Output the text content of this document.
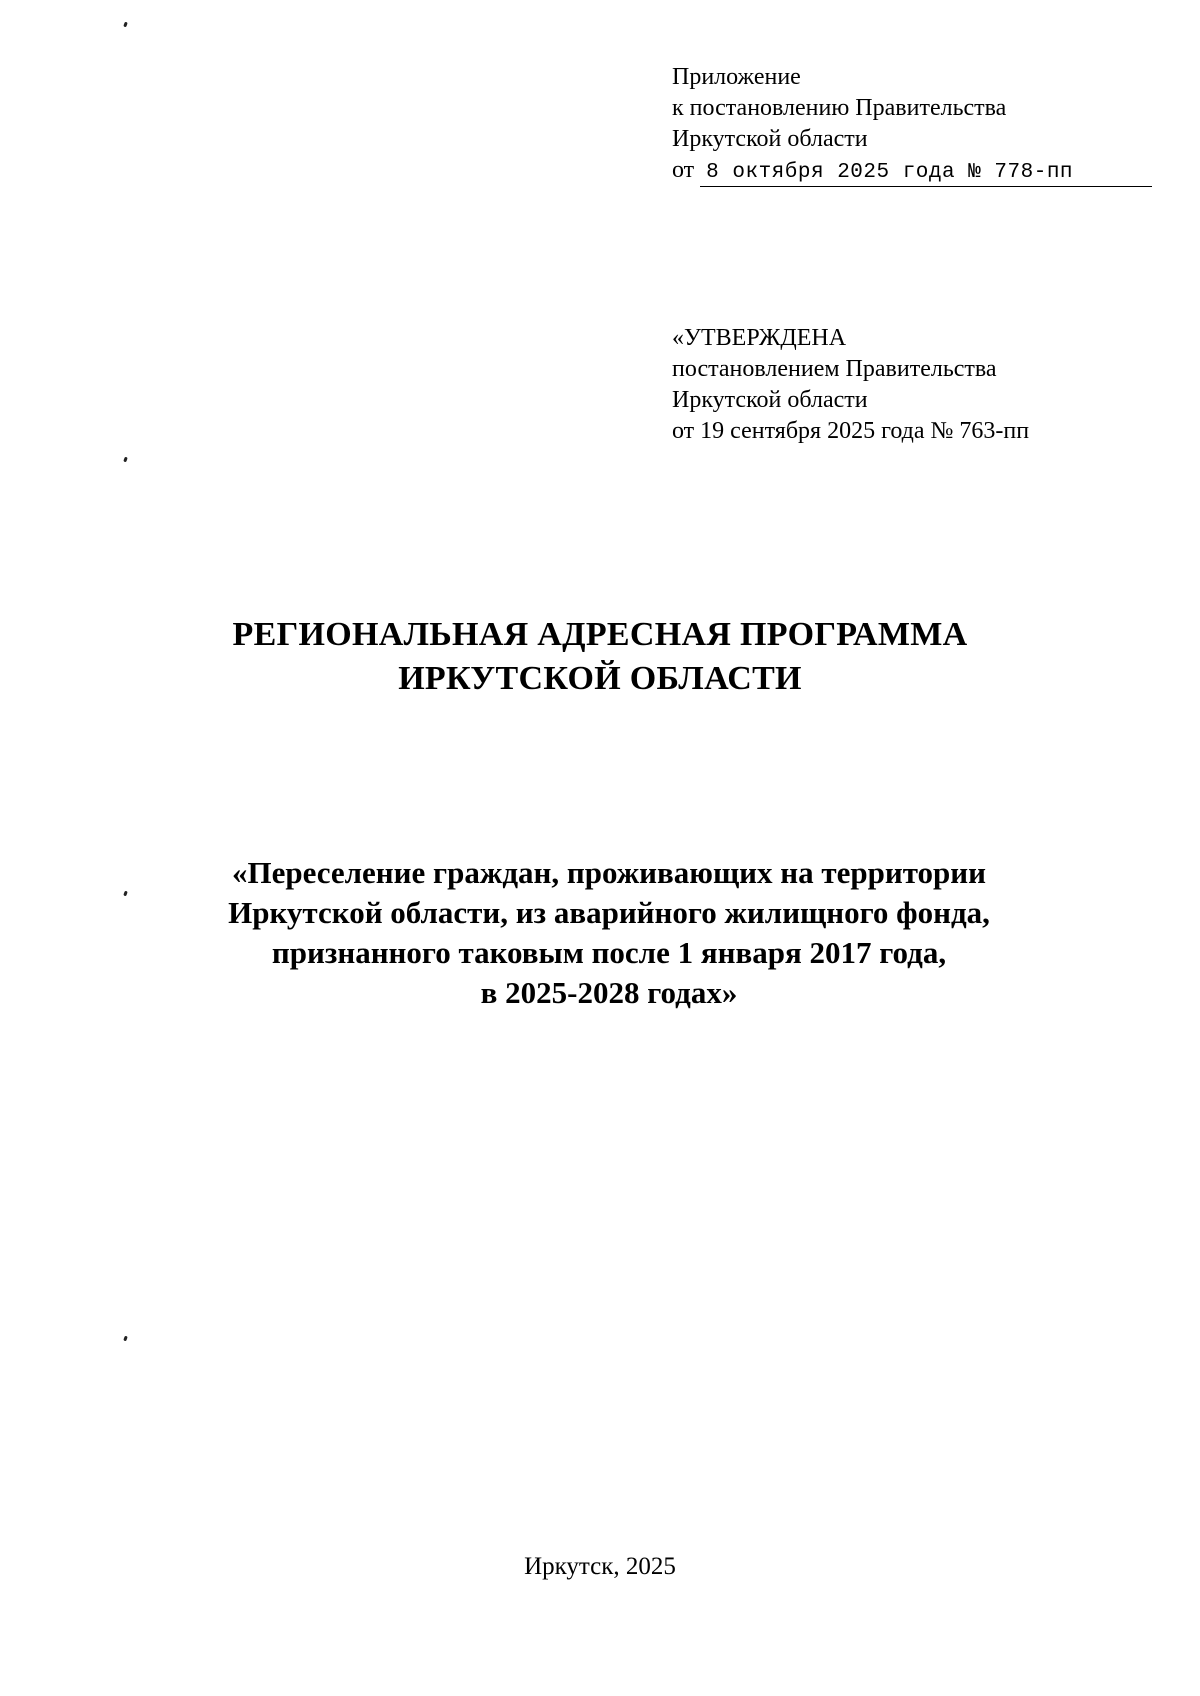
Приложение
к постановлению Правительства
Иркутской области
от 8 октября 2025 года № 778-пп
«УТВЕРЖДЕНА
постановлением Правительства
Иркутской области
от 19 сентября 2025 года № 763-пп
РЕГИОНАЛЬНАЯ АДРЕСНАЯ ПРОГРАММА
ИРКУТСКОЙ ОБЛАСТИ
«Переселение граждан, проживающих на территории
Иркутской области, из аварийного жилищного фонда,
признанного таковым после 1 января 2017 года,
в 2025-2028 годах»
Иркутск, 2025
